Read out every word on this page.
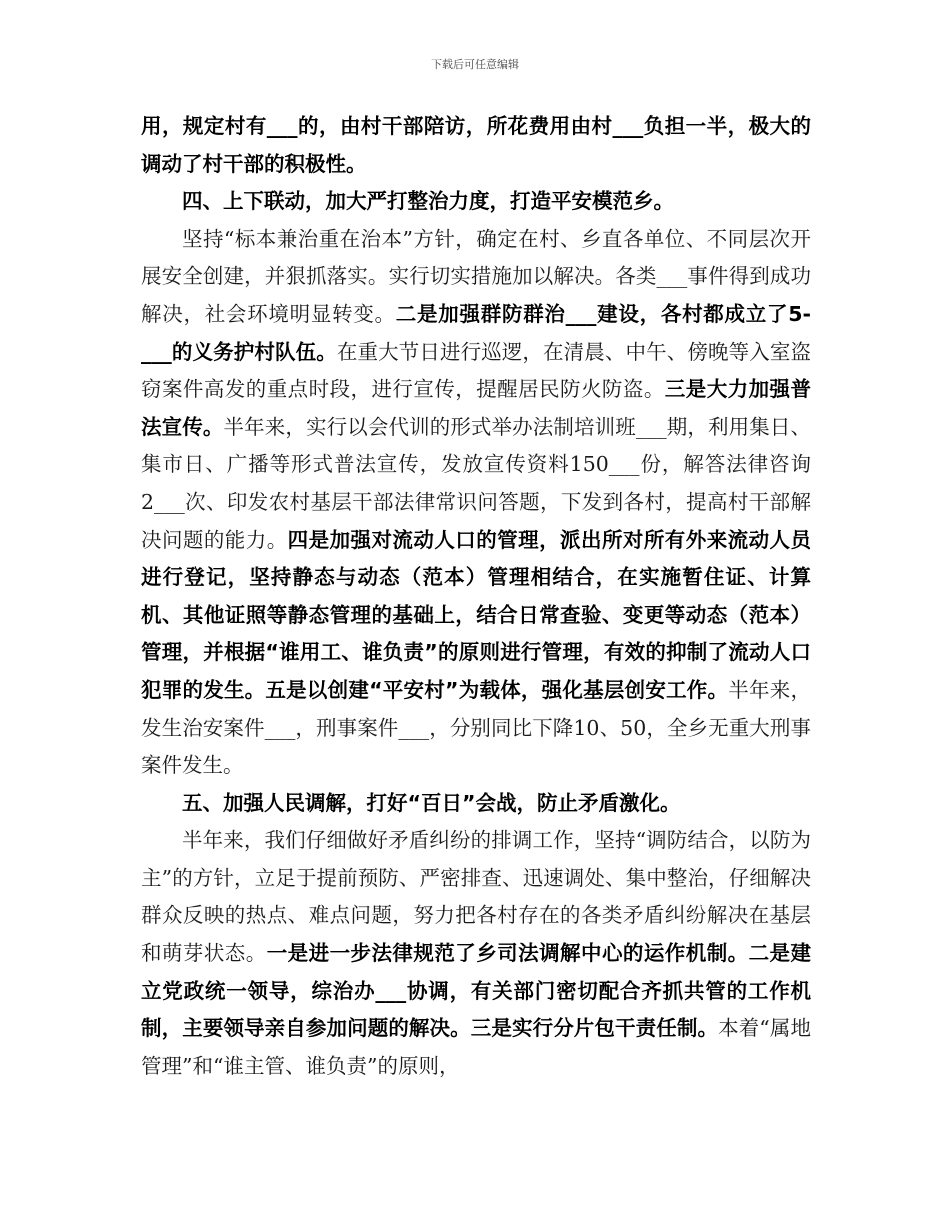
下载后可任意编辑

用，规定村有___的，由村干部陪访，所花费用由村___负担一半，极大的调动了村干部的积极性。

四、上下联动，加大严打整治力度，打造平安模范乡。

坚持“标本兼治重在治本”方针，确定在村、乡直各单位、不同层次开展安全创建，并狠抓落实。实行切实措施加以解决。各类___事件得到成功解决，社会环境明显转变。二是加强群防群治___建设，各村都成立了5-___的义务护村队伍。在重大节日进行巡逻，在清晨、中午、傍晚等入室盗窃案件高发的重点时段，进行宣传，提醒居民防火防盗。三是大力加强普法宣传。半年来，实行以会代训的形式举办法制培训班___期，利用集日、集市日、广播等形式普法宣传，发放宣传资料150___份，解答法律咨询2___次、印发农村基层干部法律常识问答题，下发到各村，提高村干部解决问题的能力。四是加强对流动人口的管理，派出所对所有外来流动人员进行登记，坚持静态与动态（范本）管理相结合，在实施暂住证、计算机、其他证照等静态管理的基础上，结合日常查验、变更等动态（范本）管理，并根据“谁用工、谁负责”的原则进行管理，有效的抑制了流动人口犯罪的发生。五是以创建“平安村”为载体，强化基层创安工作。半年来，发生治安案件___，刑事案件___，分别同比下降10、50，全乡无重大刑事案件发生。

五、加强人民调解，打好“百日”会战，防止矛盾激化。

半年来，我们仔细做好矛盾纠纷的排调工作，坚持“调防结合，以防为主”的方针，立足于提前预防、严密排查、迅速调处、集中整治，仔细解决群众反映的热点、难点问题，努力把各村存在的各类矛盾纠纷解决在基层和萌芽状态。一是进一步法律规范了乡司法调解中心的运作机制。二是建立党政统一领导，综治办___协调，有关部门密切配合齐抓共管的工作机制，主要领导亲自参加问题的解决。三是实行分片包干责任制。本着“属地管理”和“谁主管、谁负责”的原则，
